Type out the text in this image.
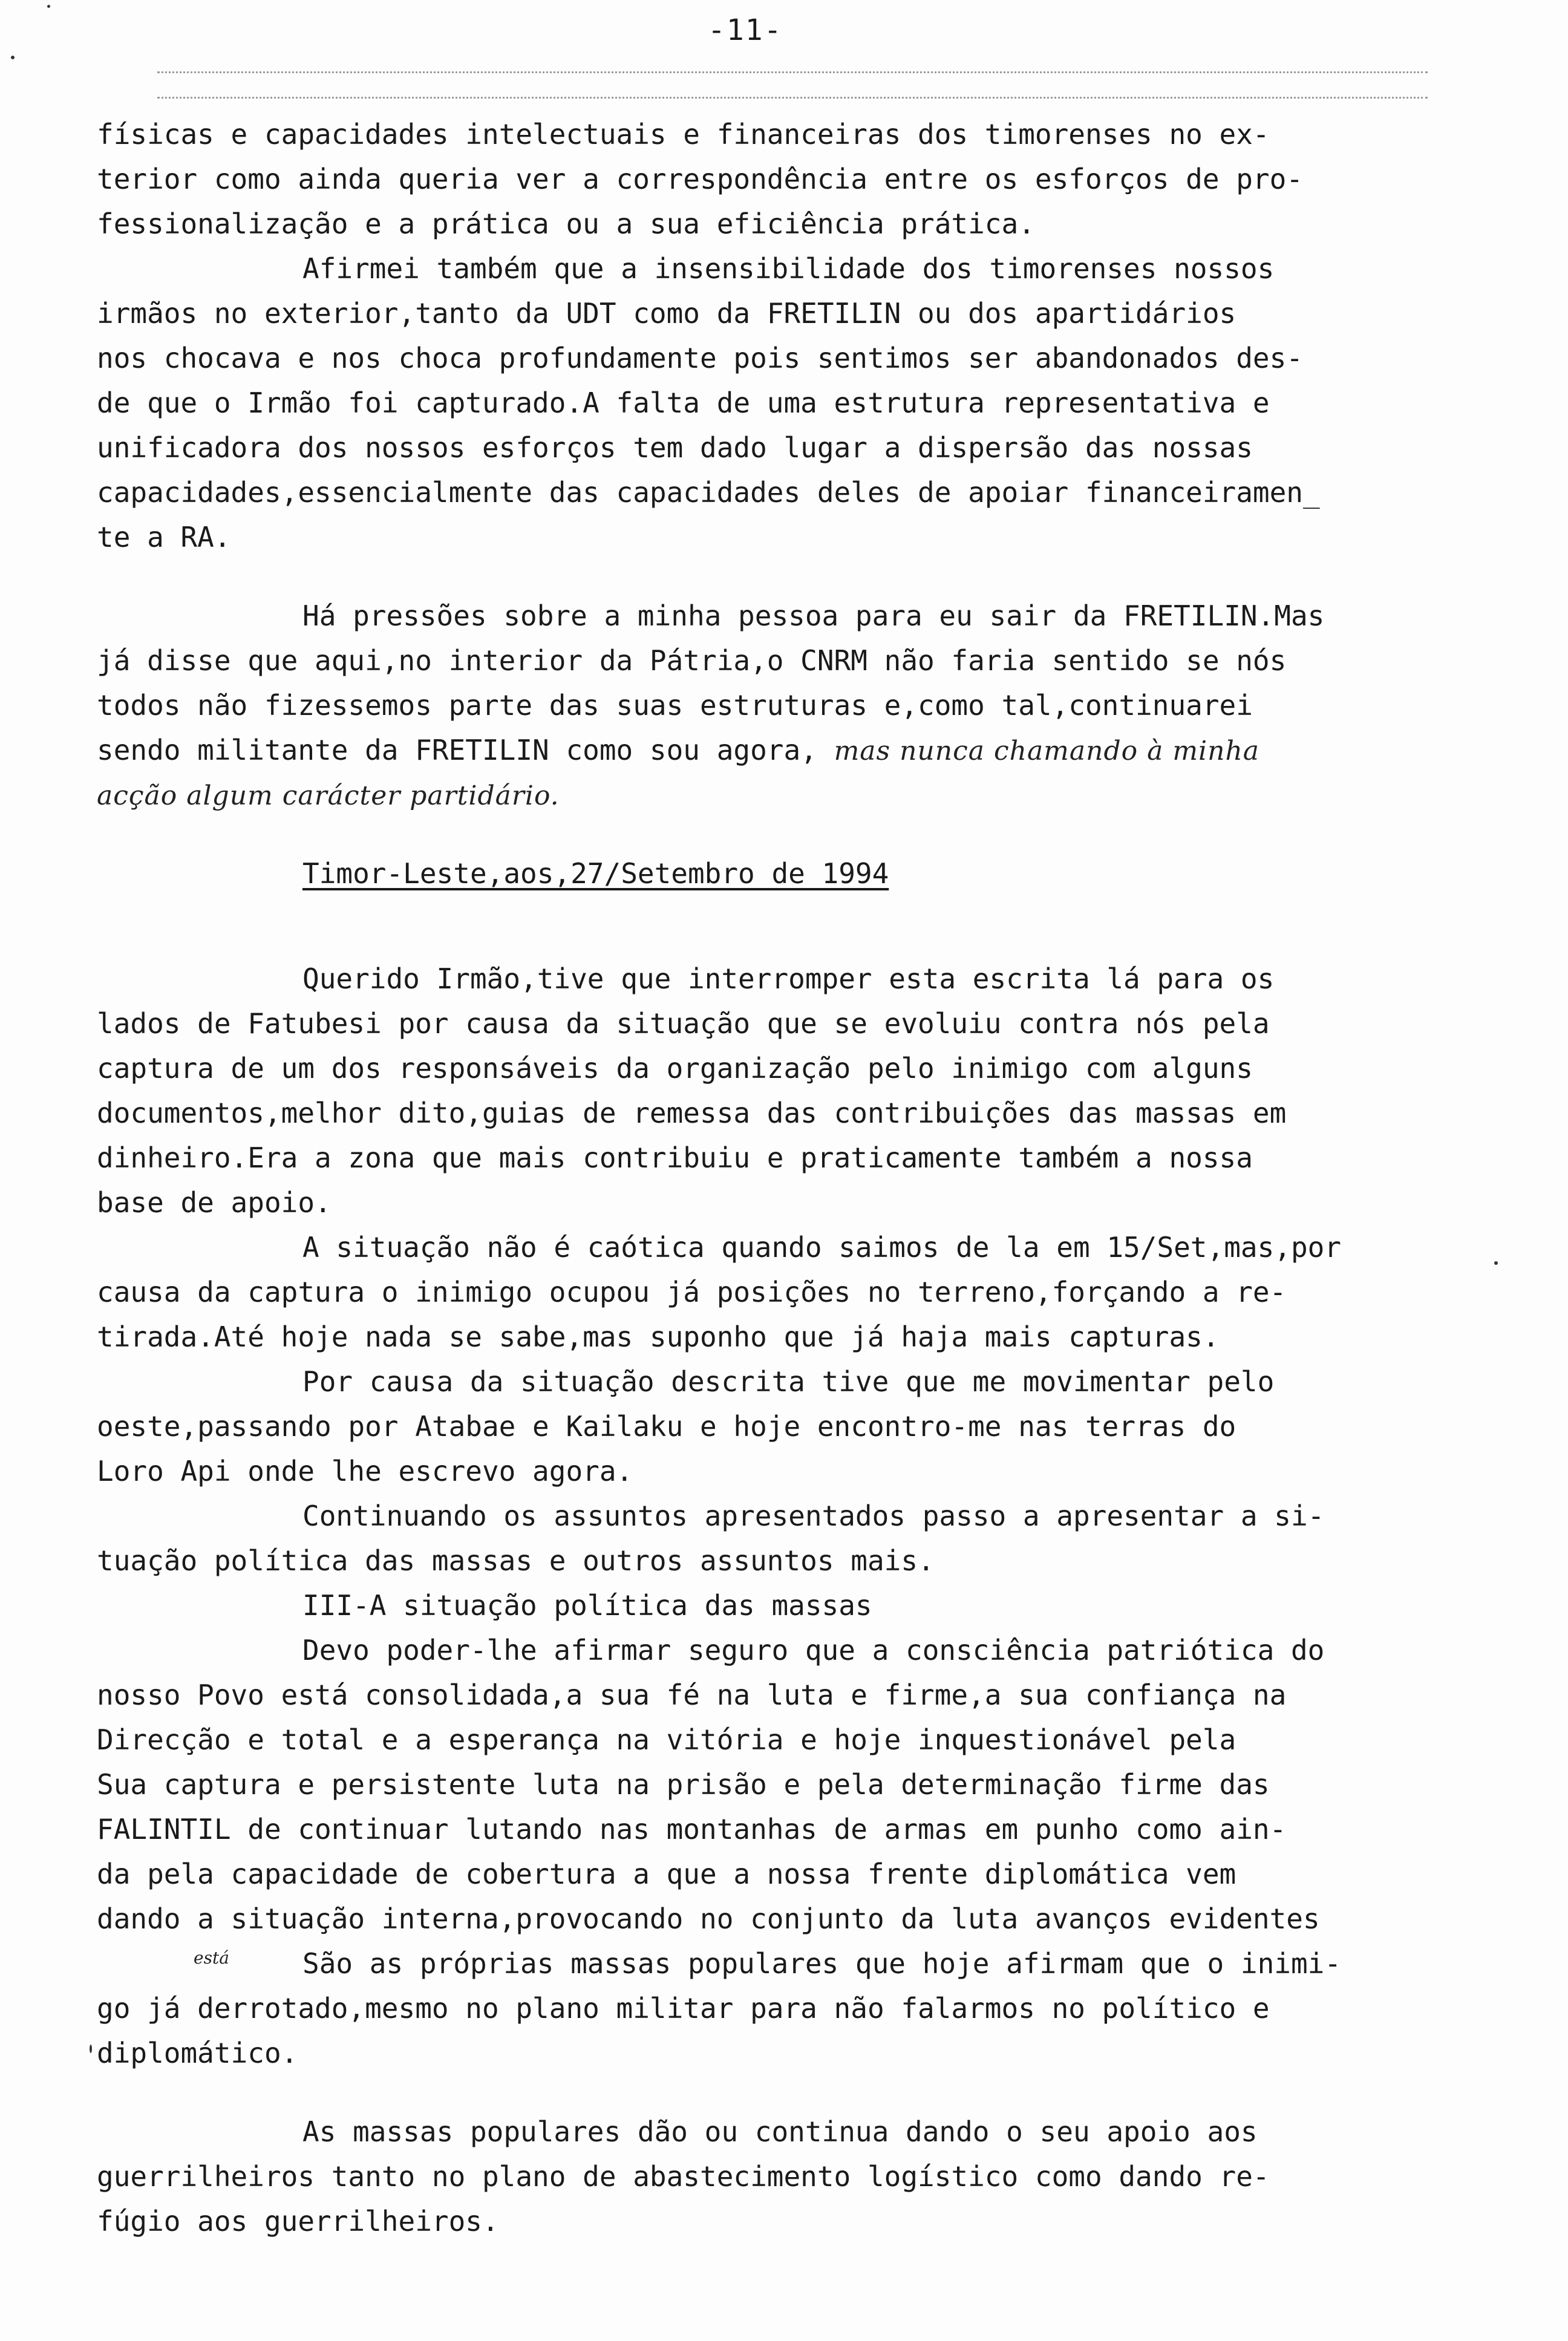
-11-
físicas e capacidades intelectuais e financeiras dos timorenses no ex-
terior como ainda queria ver a correspondência entre os esforços de pro-
fessionalização e a prática ou a sua eficiência prática.
Afirmei também que a insensibilidade dos timorenses nossos
irmãos no exterior,tanto da UDT como da FRETILIN ou dos apartidários
nos chocava e nos choca profundamente pois sentimos ser abandonados des-
de que o Irmão foi capturado.A falta de uma estrutura representativa e
unificadora dos nossos esforços tem dado lugar a dispersão das nossas
capacidades,essencialmente das capacidades deles de apoiar financeiramen_
te a RA.
Há pressões sobre a minha pessoa para eu sair da FRETILIN.Mas
já disse que aqui,no interior da Pátria,o CNRM não faria sentido se nós
todos não fizessemos parte das suas estruturas e,como tal,continuarei
sendo militante da FRETILIN como sou agora, mas nunca chamando à minha
acção algum carácter partidário.
Timor-Leste,aos,27/Setembro de 1994
Querido Irmão,tive que interromper esta escrita lá para os
lados de Fatubesi por causa da situação que se evoluiu contra nós pela
captura de um dos responsáveis da organização pelo inimigo com alguns
documentos,melhor dito,guias de remessa das contribuições das massas em
dinheiro.Era a zona que mais contribuiu e praticamente também a nossa
base de apoio.
A situação não é caótica quando saimos de la em 15/Set,mas,por
causa da captura o inimigo ocupou já posições no terreno,forçando a re-
tirada.Até hoje nada se sabe,mas suponho que já haja mais capturas.
Por causa da situação descrita tive que me movimentar pelo
oeste,passando por Atabae e Kailaku e hoje encontro-me nas terras do
Loro Api onde lhe escrevo agora.
Continuando os assuntos apresentados passo a apresentar a si-
tuação política das massas e outros assuntos mais.
III-A situação política das massas
Devo poder-lhe afirmar seguro que a consciência patriótica do
nosso Povo está consolidada,a sua fé na luta e firme,a sua confiança na
Direcção e total e a esperança na vitória e hoje inquestionável pela
Sua captura e persistente luta na prisão e pela determinação firme das
FALINTIL de continuar lutando nas montanhas de armas em punho como ain-
da pela capacidade de cobertura a que a nossa frente diplomática vem
dando a situação interna,provocando no conjunto da luta avanços evidentes
São as próprias massas populares que hoje afirmam que o inimi-
go já derrotado,mesmo no plano militar para não falarmos no político e
diplomático.
As massas populares dão ou continua dando o seu apoio aos
guerrilheiros tanto no plano de abastecimento logístico como dando re-
fúgio aos guerrilheiros.
está
